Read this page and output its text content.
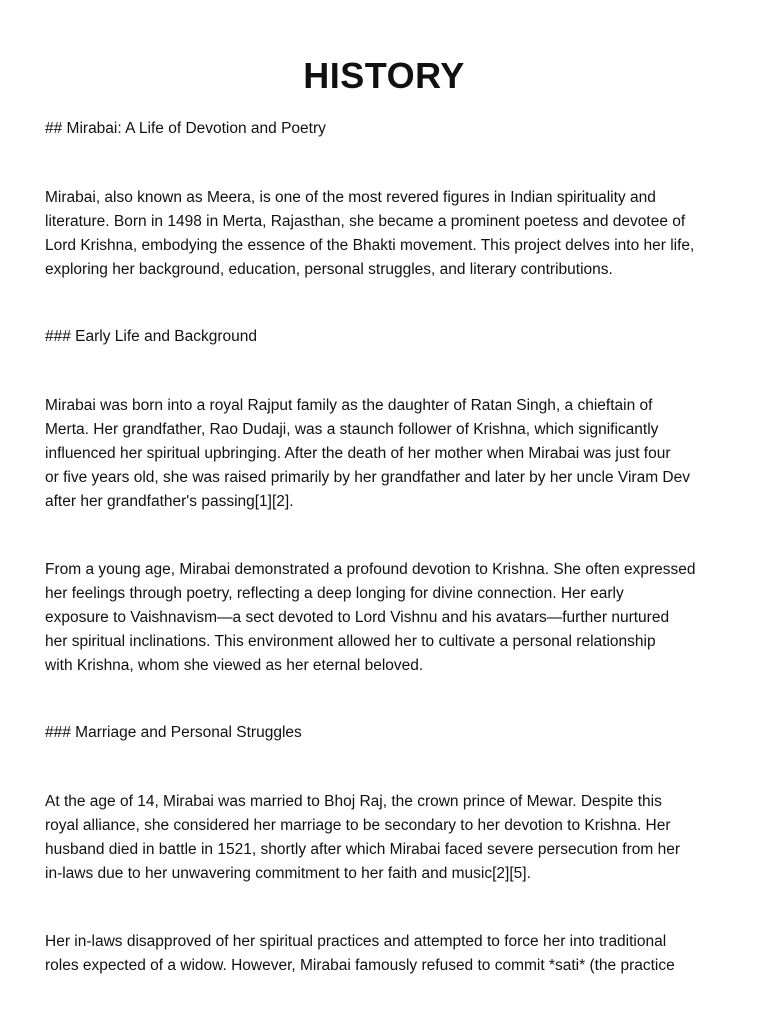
HISTORY

## Mirabai: A Life of Devotion and Poetry

Mirabai, also known as Meera, is one of the most revered figures in Indian spirituality and
literature. Born in 1498 in Merta, Rajasthan, she became a prominent poetess and devotee of
Lord Krishna, embodying the essence of the Bhakti movement. This project delves into her life,
exploring her background, education, personal struggles, and literary contributions.

### Early Life and Background

Mirabai was born into a royal Rajput family as the daughter of Ratan Singh, a chieftain of
Merta. Her grandfather, Rao Dudaji, was a staunch follower of Krishna, which significantly
influenced her spiritual upbringing. After the death of her mother when Mirabai was just four
or five years old, she was raised primarily by her grandfather and later by her uncle Viram Dev
after her grandfather's passing[1][2].

From a young age, Mirabai demonstrated a profound devotion to Krishna. She often expressed
her feelings through poetry, reflecting a deep longing for divine connection. Her early
exposure to Vaishnavism—a sect devoted to Lord Vishnu and his avatars—further nurtured
her spiritual inclinations. This environment allowed her to cultivate a personal relationship
with Krishna, whom she viewed as her eternal beloved.

### Marriage and Personal Struggles

At the age of 14, Mirabai was married to Bhoj Raj, the crown prince of Mewar. Despite this
royal alliance, she considered her marriage to be secondary to her devotion to Krishna. Her
husband died in battle in 1521, shortly after which Mirabai faced severe persecution from her
in-laws due to her unwavering commitment to her faith and music[2][5].

Her in-laws disapproved of her spiritual practices and attempted to force her into traditional
roles expected of a widow. However, Mirabai famously refused to commit *sati* (the practice
